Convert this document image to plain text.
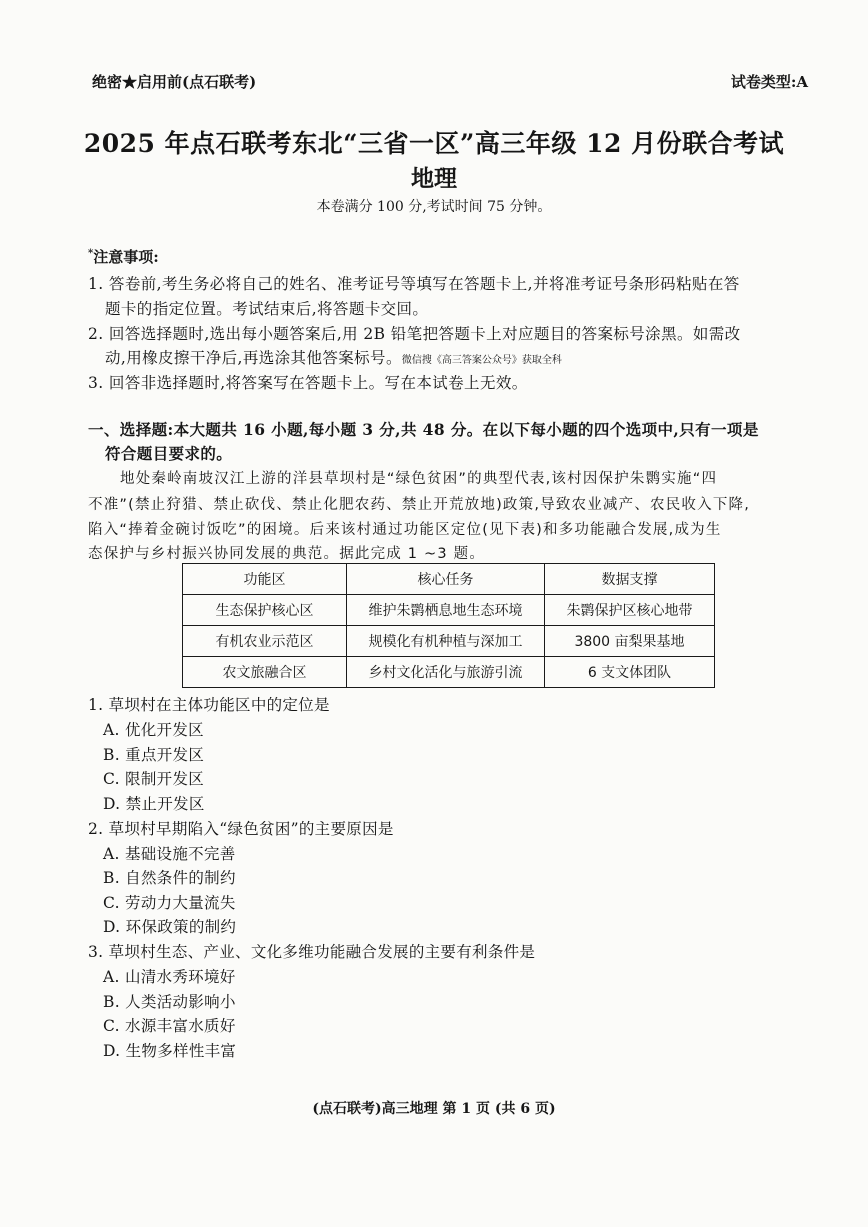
绝密★启用前(点石联考)	试卷类型:A
2025 年点石联考东北“三省一区”高三年级 12 月份联合考试
地理
本卷满分 100 分,考试时间 75 分钟。
*注意事项:
1. 答卷前,考生务必将自己的姓名、准考证号等填写在答题卡上,并将准考证号条形码粘贴在答
题卡的指定位置。考试结束后,将答题卡交回。
2. 回答选择题时,选出每小题答案后,用 2B 铅笔把答题卡上对应题目的答案标号涂黑。如需改
动,用橡皮擦干净后,再选涂其他答案标号。微信搜《高三答案公众号》获取全科
3. 回答非选择题时,将答案写在答题卡上。写在本试卷上无效。
一、选择题:本大题共 16 小题,每小题 3 分,共 48 分。在以下每小题的四个选项中,只有一项是
符合题目要求的。
地处秦岭南坡汉江上游的洋县草坝村是“绿色贫困”的典型代表,该村因保护朱鹮实施“四
不准”(禁止狩猎、禁止砍伐、禁止化肥农药、禁止开荒放地)政策,导致农业减产、农民收入下降,
陷入“捧着金碗讨饭吃”的困境。后来该村通过功能区定位(见下表)和多功能融合发展,成为生
态保护与乡村振兴协同发展的典范。据此完成 1 ~3 题。
功能区	核心任务	数据支撑
生态保护核心区	维护朱鹮栖息地生态环境	朱鹮保护区核心地带
有机农业示范区	规模化有机种植与深加工	3800 亩梨果基地
农文旅融合区	乡村文化活化与旅游引流	6 支文体团队
1. 草坝村在主体功能区中的定位是
A. 优化开发区
B. 重点开发区
C. 限制开发区
D. 禁止开发区
2. 草坝村早期陷入“绿色贫困”的主要原因是
A. 基础设施不完善
B. 自然条件的制约
C. 劳动力大量流失
D. 环保政策的制约
3. 草坝村生态、产业、文化多维功能融合发展的主要有利条件是
A. 山清水秀环境好
B. 人类活动影响小
C. 水源丰富水质好
D. 生物多样性丰富
(点石联考)高三地理 第 1 页 (共 6 页)
